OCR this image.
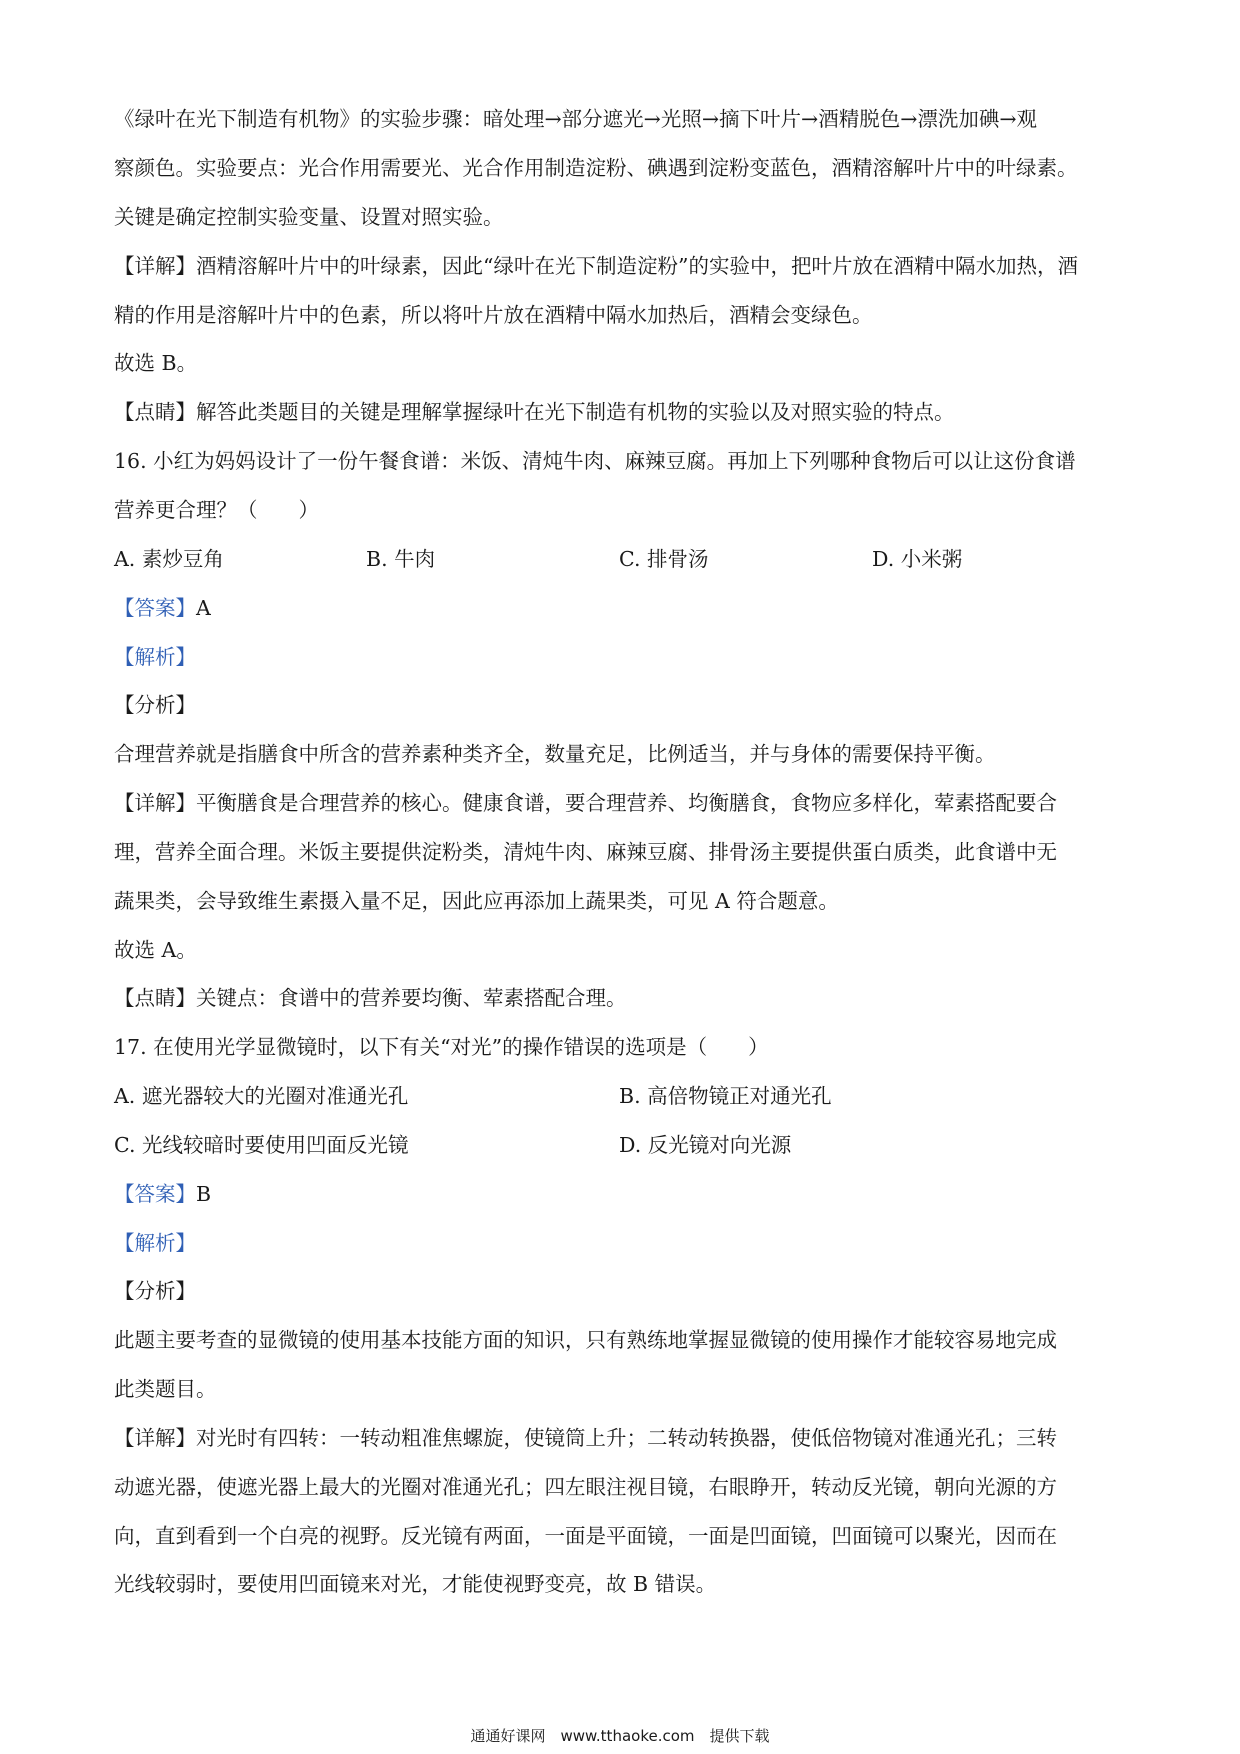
《绿叶在光下制造有机物》的实验步骤：暗处理→部分遮光→光照→摘下叶片→酒精脱色→漂洗加碘→观
察颜色。实验要点：光合作用需要光、光合作用制造淀粉、碘遇到淀粉变蓝色，酒精溶解叶片中的叶绿素。
关键是确定控制实验变量、设置对照实验。
【详解】酒精溶解叶片中的叶绿素，因此“绿叶在光下制造淀粉”的实验中，把叶片放在酒精中隔水加热，酒
精的作用是溶解叶片中的色素，所以将叶片放在酒精中隔水加热后，酒精会变绿色。
故选 B。
【点睛】解答此类题目的关键是理解掌握绿叶在光下制造有机物的实验以及对照实验的特点。
16. 小红为妈妈设计了一份午餐食谱：米饭、清炖牛肉、麻辣豆腐。再加上下列哪种食物后可以让这份食谱
营养更合理？（　　）
A. 素炒豆角	B. 牛肉	C. 排骨汤	D. 小米粥
【答案】A
【解析】
【分析】
合理营养就是指膳食中所含的营养素种类齐全，数量充足，比例适当，并与身体的需要保持平衡。
【详解】平衡膳食是合理营养的核心。健康食谱，要合理营养、均衡膳食，食物应多样化，荤素搭配要合
理，营养全面合理。米饭主要提供淀粉类，清炖牛肉、麻辣豆腐、排骨汤主要提供蛋白质类，此食谱中无
蔬果类，会导致维生素摄入量不足，因此应再添加上蔬果类，可见 A 符合题意。
故选 A。
【点睛】关键点：食谱中的营养要均衡、荤素搭配合理。
17. 在使用光学显微镜时，以下有关“对光”的操作错误的选项是（　　）
A. 遮光器较大的光圈对准通光孔	B. 高倍物镜正对通光孔
C. 光线较暗时要使用凹面反光镜	D. 反光镜对向光源
【答案】B
【解析】
【分析】
此题主要考查的显微镜的使用基本技能方面的知识，只有熟练地掌握显微镜的使用操作才能较容易地完成
此类题目。
【详解】对光时有四转：一转动粗准焦螺旋，使镜筒上升；二转动转换器，使低倍物镜对准通光孔；三转
动遮光器，使遮光器上最大的光圈对准通光孔；四左眼注视目镜，右眼睁开，转动反光镜，朝向光源的方
向，直到看到一个白亮的视野。反光镜有两面，一面是平面镜，一面是凹面镜，凹面镜可以聚光，因而在
光线较弱时，要使用凹面镜来对光，才能使视野变亮，故 B 错误。
通通好课网　www.tthaoke.com　提供下载
